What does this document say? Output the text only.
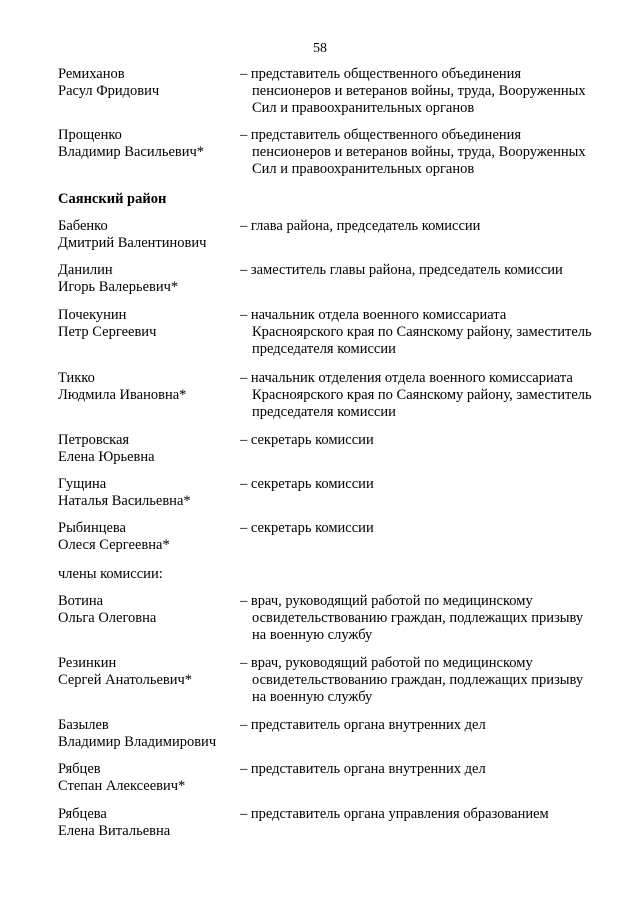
58
Ремиханов
Расул Фридович
– представитель общественного объединения
пенсионеров и ветеранов войны, труда, Вооруженных
Сил и правоохранительных органов
Прощенко
Владимир Васильевич*
– представитель общественного объединения
пенсионеров и ветеранов войны, труда, Вооруженных
Сил и правоохранительных органов
Саянский район
Бабенко
Дмитрий Валентинович
– глава района, председатель комиссии
Данилин
Игорь Валерьевич*
– заместитель главы района, председатель комиссии
Почекунин
Петр Сергеевич
– начальник отдела военного комиссариата
Красноярского края по Саянскому району, заместитель
председателя комиссии
Тикко
Людмила Ивановна*
– начальник отделения отдела военного комиссариата
Красноярского края по Саянскому району, заместитель
председателя комиссии
Петровская
Елена Юрьевна
– секретарь комиссии
Гущина
Наталья Васильевна*
– секретарь комиссии
Рыбинцева
Олеся Сергеевна*
– секретарь комиссии
члены комиссии:
Вотина
Ольга Олеговна
– врач, руководящий работой по медицинскому
освидетельствованию граждан, подлежащих призыву
на военную службу
Резинкин
Сергей Анатольевич*
– врач, руководящий работой по медицинскому
освидетельствованию граждан, подлежащих призыву
на военную службу
Базылев
Владимир Владимирович
– представитель органа внутренних дел
Рябцев
Степан Алексеевич*
– представитель органа внутренних дел
Рябцева
Елена Витальевна
– представитель органа управления образованием
